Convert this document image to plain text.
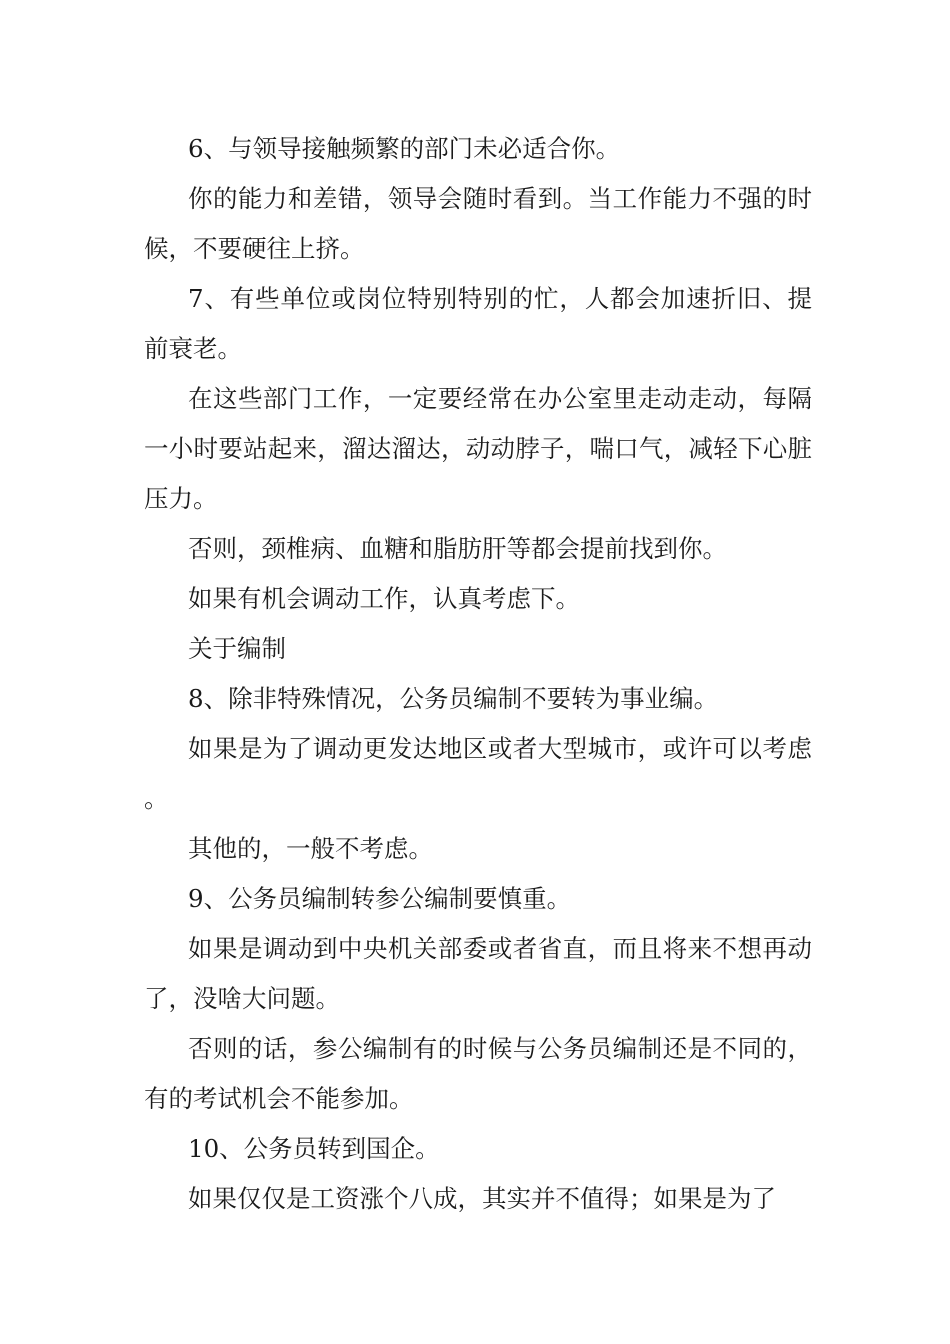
6、与领导接触频繁的部门未必适合你。

你的能力和差错，领导会随时看到。当工作能力不强的时候，不要硬往上挤。

7、有些单位或岗位特别特别的忙，人都会加速折旧、提前衰老。

在这些部门工作，一定要经常在办公室里走动走动，每隔一小时要站起来，溜达溜达，动动脖子，喘口气，减轻下心脏压力。

否则，颈椎病、血糖和脂肪肝等都会提前找到你。

如果有机会调动工作，认真考虑下。

关于编制

8、除非特殊情况，公务员编制不要转为事业编。

如果是为了调动更发达地区或者大型城市，或许可以考虑。

其他的，一般不考虑。

9、公务员编制转参公编制要慎重。

如果是调动到中央机关部委或者省直，而且将来不想再动了，没啥大问题。

否则的话，参公编制有的时候与公务员编制还是不同的，有的考试机会不能参加。

10、公务员转到国企。

如果仅仅是工资涨个八成，其实并不值得；如果是为了
